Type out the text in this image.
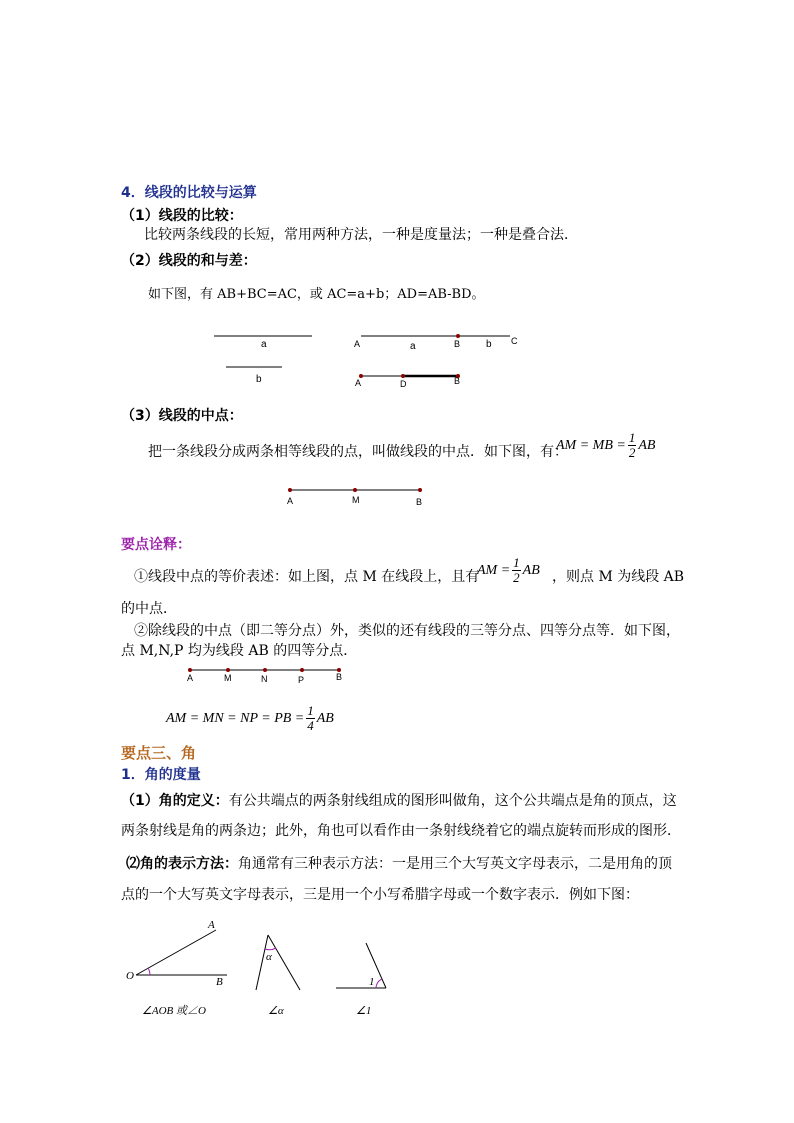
4．线段的比较与运算
（1）线段的比较：
比较两条线段的长短，常用两种方法，一种是度量法；一种是叠合法．
（2）线段的和与差：
如下图，有 AB+BC=AC，或 AC=a+b；AD=AB-BD。
a
b
A	a	B	b C
A	D	B
（3）线段的中点：
把一条线段分成两条相等线段的点，叫做线段的中点．如下图，有：
AM = MB = $\frac{1}{2}$ AB
A	M	B
要点诠释：
①线段中点的等价表述：如上图，点 M 在线段上，且有
AM = $\frac{1}{2}$ AB ，则点 M 为线段 AB
的中点．
②除线段的中点（即二等分点）外，类似的还有线段的三等分点、四等分点等．如下图，
点 M,N,P 均为线段 AB 的四等分点．
A	M	N	P	B
AM = MN = NP = PB = $\frac{1}{4}$ AB
要点三、角
1．角的度量
（1）角的定义：有公共端点的两条射线组成的图形叫做角，这个公共端点是角的顶点，这
两条射线是角的两条边；此外，角也可以看作由一条射线绕着它的端点旋转而形成的图形．
⑵角的表示方法：角通常有三种表示方法：一是用三个大写英文字母表示，二是用角的顶
点的一个大写英文字母表示，三是用一个小写希腊字母或一个数字表示．例如下图：
A
O	B
∠AOB 或∠O
α
∠α
1
∠1
